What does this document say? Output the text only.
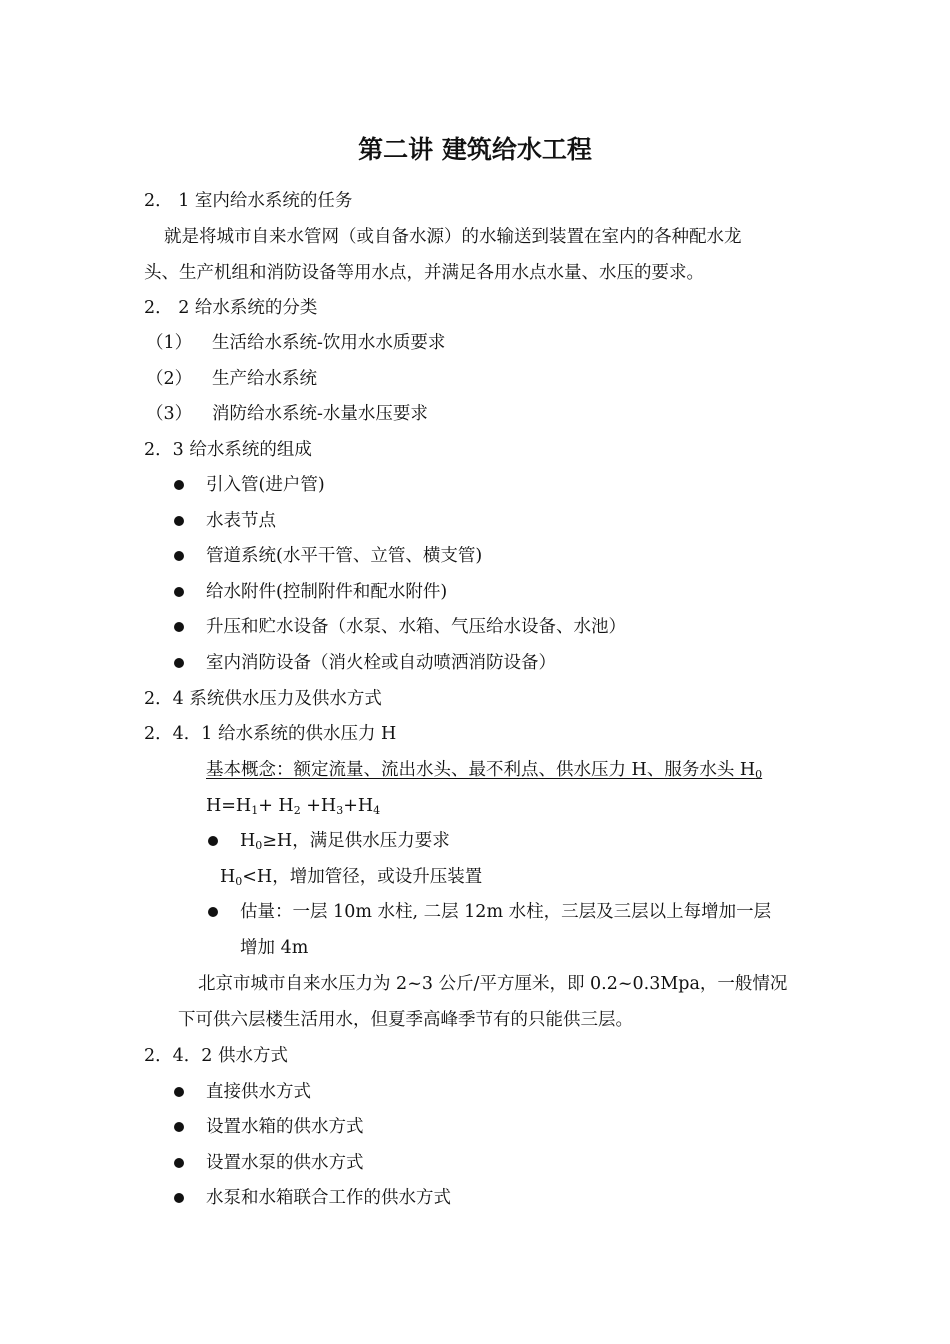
第二讲 建筑给水工程
2． 1 室内给水系统的任务
就是将城市自来水管网（或自备水源）的水输送到装置在室内的各种配水龙
头、生产机组和消防设备等用水点，并满足各用水点水量、水压的要求。
2． 2 给水系统的分类
（1） 生活给水系统-饮用水水质要求
（2） 生产给水系统
（3） 消防给水系统-水量水压要求
2．3 给水系统的组成
引入管(进户管)
水表节点
管道系统(水平干管、立管、横支管)
给水附件(控制附件和配水附件)
升压和贮水设备（水泵、水箱、气压给水设备、水池）
室内消防设备（消火栓或自动喷洒消防设备）
2．4 系统供水压力及供水方式
2．4．1 给水系统的供水压力 H
基本概念：额定流量、流出水头、最不利点、供水压力 H、服务水头 $H_0$
$H=H_1+ H_2 +H_3+H_4$
$H_0\ge H$，满足供水压力要求
$H_0<H$，增加管径，或设升压装置
估量：一层 10m 水柱, 二层 12m 水柱，三层及三层以上每增加一层
增加 4m
北京市城市自来水压力为 2~3 公斤/平方厘米，即 0.2~0.3Mpa，一般情况
下可供六层楼生活用水，但夏季高峰季节有的只能供三层。
2．4．2 供水方式
直接供水方式
设置水箱的供水方式
设置水泵的供水方式
水泵和水箱联合工作的供水方式
